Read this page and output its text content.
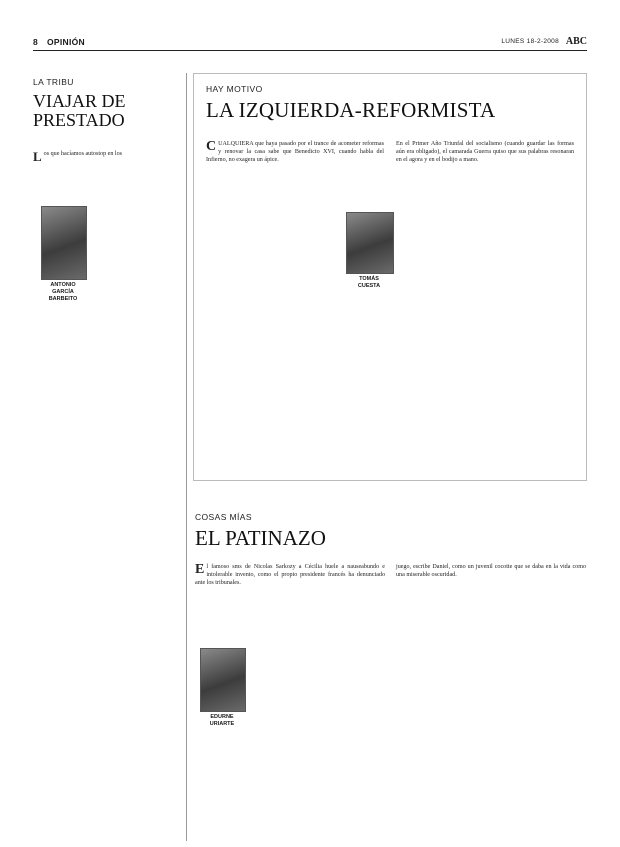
8 OPINIÓN	LUNES 18-2-2008 ABC
LA TRIBU
VIAJAR DE PRESTADO
Los que hacíamos autostop en los
ANTONIO
GARCÍA
BARBEITO
HAY MOTIVO
LA IZQUIERDA-REFORMISTA
CUALQUIERA que haya pasado por el trance de acometer reformas y renovar la casa sabe que Benedicto XVI, cuando habla del Infierno, no exagera un ápice.
En el Primer Año Triunfal del socialismo (cuando guardar las formas aún era obligado), el camarada Guerra quiso que sus palabras resonaran en el agora y en el bodijo a mano.
TOMÁS
CUESTA
COSAS MÍAS
EL PATINAZO
El famoso sms de Nicolas Sarkozy a Cécilia huele a nauseabundo e intolerable invento, como el propio presidente francés ha denunciado ante los tribunales.
juego, escribe Daniel, como un juvenil cocotte que se daba en la vida como una miserable oscuridad.
EDURNE
URIARTE
